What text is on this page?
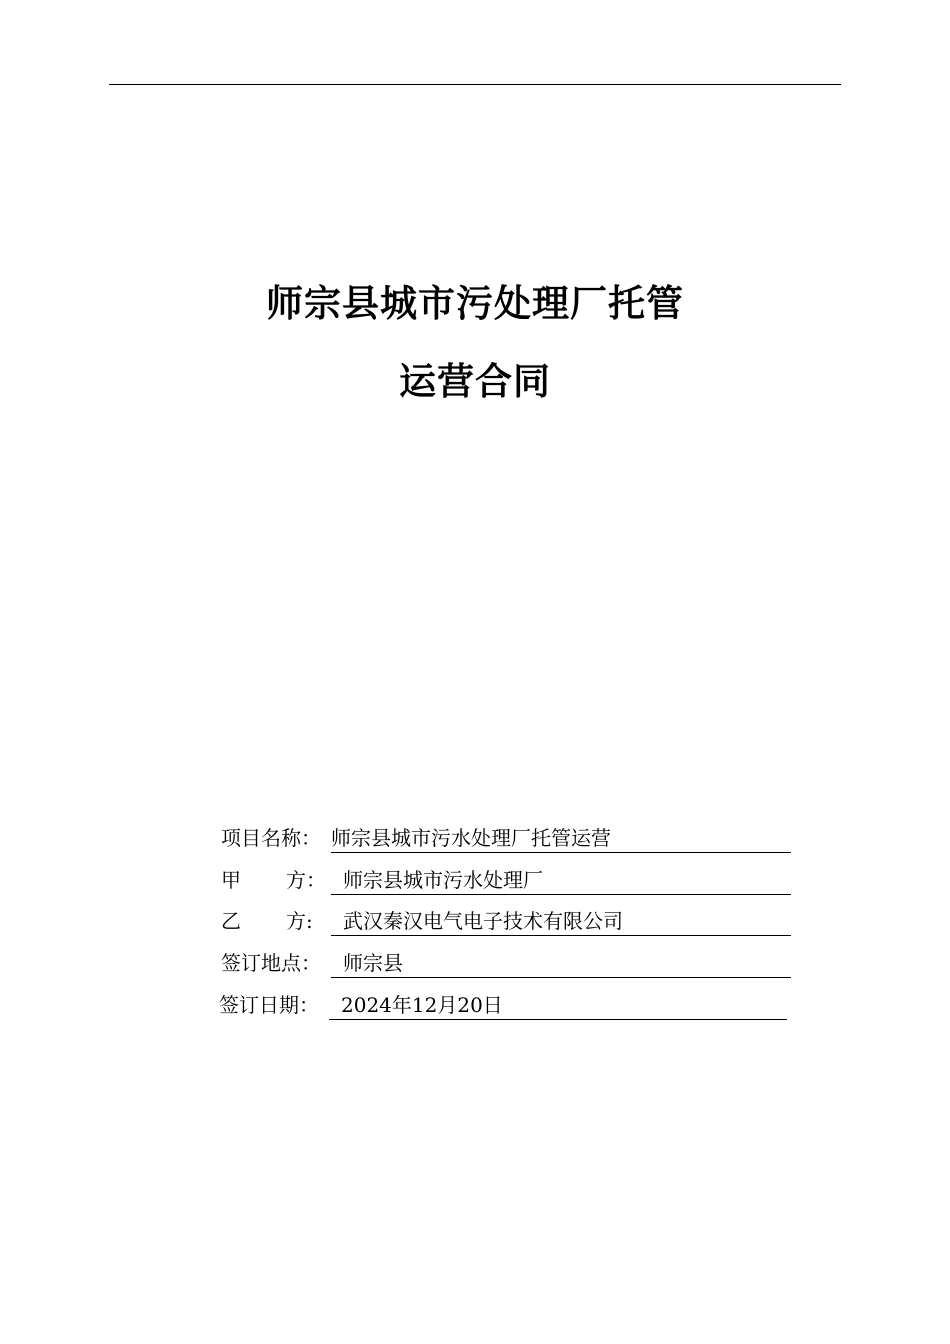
师宗县城市污处理厂托管
运营合同
项目名称： 师宗县城市污水处理厂托管运营
甲 方： 师宗县城市污水处理厂
乙 方:	武汉秦汉电气电子技术有限公司
签订地点：	师宗县
签订日期：	2024年12月20日
